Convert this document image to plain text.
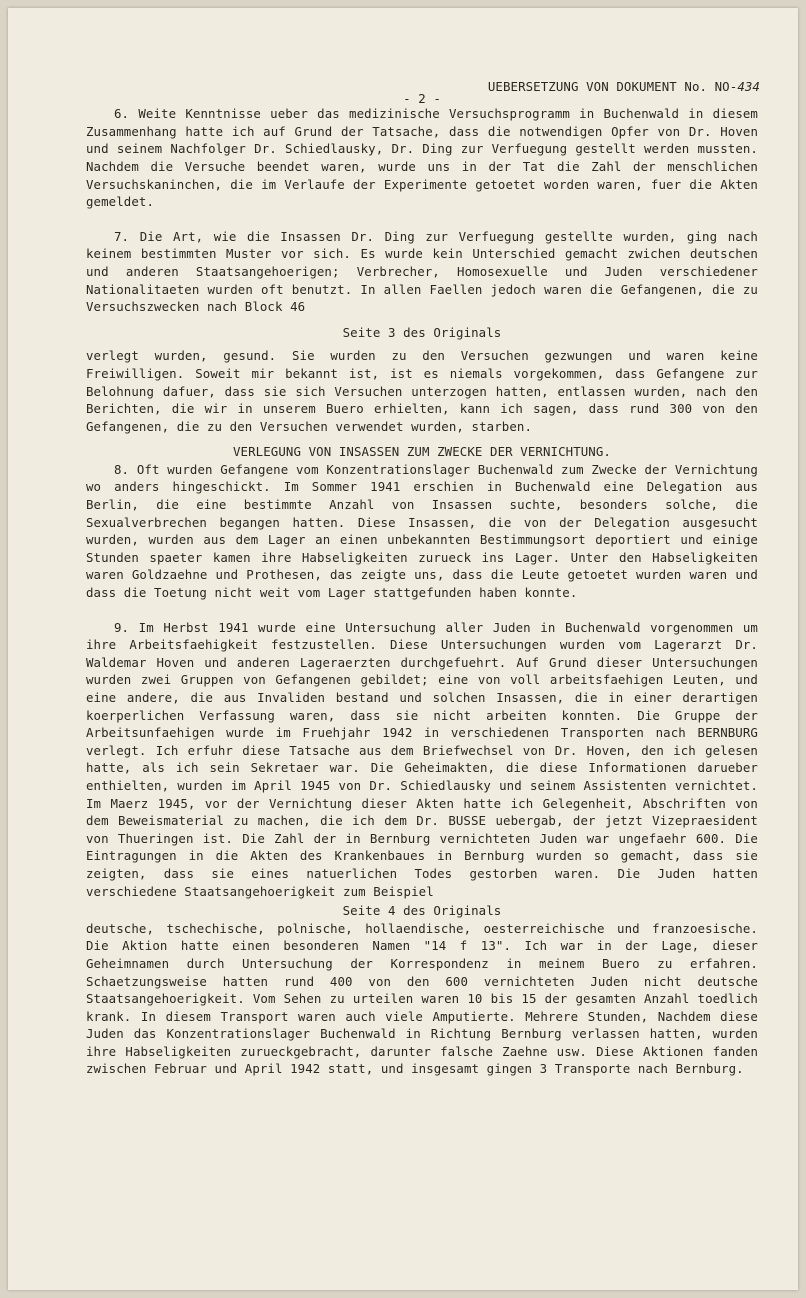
UEBERSETZUNG VON DOKUMENT No. NO-434
- 2 -

6. Weite Kenntnisse ueber das medizinische Versuchsprogramm in Buchenwald in diesem Zusammenhang hatte ich auf Grund der Tatsache, dass die notwendigen Opfer von Dr. Hoven und seinem Nachfolger Dr. Schiedlausky, Dr. Ding zur Verfuegung gestellt werden mussten. Nachdem die Versuche beendet waren, wurde uns in der Tat die Zahl der menschlichen Versuchskaninchen, die im Verlaufe der Experimente getoetet worden waren, fuer die Akten gemeldet.

7. Die Art, wie die Insassen Dr. Ding zur Verfuegung gestellte wurden, ging nach keinem bestimmten Muster vor sich. Es wurde kein Unterschied gemacht zwichen deutschen und anderen Staatsangehoerigen; Verbrecher, Homosexuelle und Juden verschiedener Nationalitaeten wurden oft benutzt. In allen Faellen jedoch waren die Gefangenen, die zu Versuchszwecken nach Block 46

Seite 3 des Originals

verlegt wurden, gesund. Sie wurden zu den Versuchen gezwungen und waren keine Freiwilligen. Soweit mir bekannt ist, ist es niemals vorgekommen, dass Gefangene zur Belohnung dafuer, dass sie sich Versuchen unterzogen hatten, entlassen wurden, nach den Berichten, die wir in unserem Buero erhielten, kann ich sagen, dass rund 300 von den Gefangenen, die zu den Versuchen verwendet wurden, starben.

VERLEGUNG VON INSASSEN ZUM ZWECKE DER VERNICHTUNG.

8. Oft wurden Gefangene vom Konzentrationslager Buchenwald zum Zwecke der Vernichtung wo anders hingeschickt. Im Sommer 1941 erschien in Buchenwald eine Delegation aus Berlin, die eine bestimmte Anzahl von Insassen suchte, besonders solche, die Sexualverbrechen begangen hatten. Diese Insassen, die von der Delegation ausgesucht wurden, wurden aus dem Lager an einen unbekannten Bestimmungsort deportiert und einige Stunden spaeter kamen ihre Habseligkeiten zurueck ins Lager. Unter den Habseligkeiten waren Goldzaehne und Prothesen, das zeigte uns, dass die Leute getoetet wurden waren und dass die Toetung nicht weit vom Lager stattgefunden haben konnte.

9. Im Herbst 1941 wurde eine Untersuchung aller Juden in Buchenwald vorgenommen um ihre Arbeitsfaehigkeit festzustellen. Diese Untersuchungen wurden vom Lagerarzt Dr. Waldemar Hoven und anderen Lageraerzten durchgefuehrt. Auf Grund dieser Untersuchungen wurden zwei Gruppen von Gefangenen gebildet; eine von voll arbeitsfaehigen Leuten, und eine andere, die aus Invaliden bestand und solchen Insassen, die in einer derartigen koerperlichen Verfassung waren, dass sie nicht arbeiten konnten. Die Gruppe der Arbeitsunfaehigen wurde im Fruehjahr 1942 in verschiedenen Transporten nach BERNBURG verlegt. Ich erfuhr diese Tatsache aus dem Briefwechsel von Dr. Hoven, den ich gelesen hatte, als ich sein Sekretaer war. Die Geheimakten, die diese Informationen darueber enthielten, wurden im April 1945 von Dr. Schiedlausky und seinem Assistenten vernichtet. Im Maerz 1945, vor der Vernichtung dieser Akten hatte ich Gelegenheit, Abschriften von dem Beweismaterial zu machen, die ich dem Dr. BUSSE uebergab, der jetzt Vizepraesident von Thueringen ist. Die Zahl der in Bernburg vernichteten Juden war ungefaehr 600. Die Eintragungen in die Akten des Krankenbaues in Bernburg wurden so gemacht, dass sie zeigten, dass sie eines natuerlichen Todes gestorben waren. Die Juden hatten verschiedene Staatsangehoerigkeit zum Beispiel

Seite 4 des Originals

deutsche, tschechische, polnische, hollaendische, oesterreichische und franzoesische. Die Aktion hatte einen besonderen Namen "14 f 13". Ich war in der Lage, dieser Geheimnamen durch Untersuchung der Korrespondenz in meinem Buero zu erfahren. Schaetzungsweise hatten rund 400 von den 600 vernichteten Juden nicht deutsche Staatsangehoerigkeit. Vom Sehen zu urteilen waren 10 bis 15 der gesamten Anzahl toedlich krank. In diesem Transport waren auch viele Amputierte. Mehrere Stunden, Nachdem diese Juden das Konzentrationslager Buchenwald in Richtung Bernburg verlassen hatten, wurden ihre Habseligkeiten zurueckgebracht, darunter falsche Zaehne usw. Diese Aktionen fanden zwischen Februar und April 1942 statt, und insgesamt gingen 3 Transporte nach Bernburg.
